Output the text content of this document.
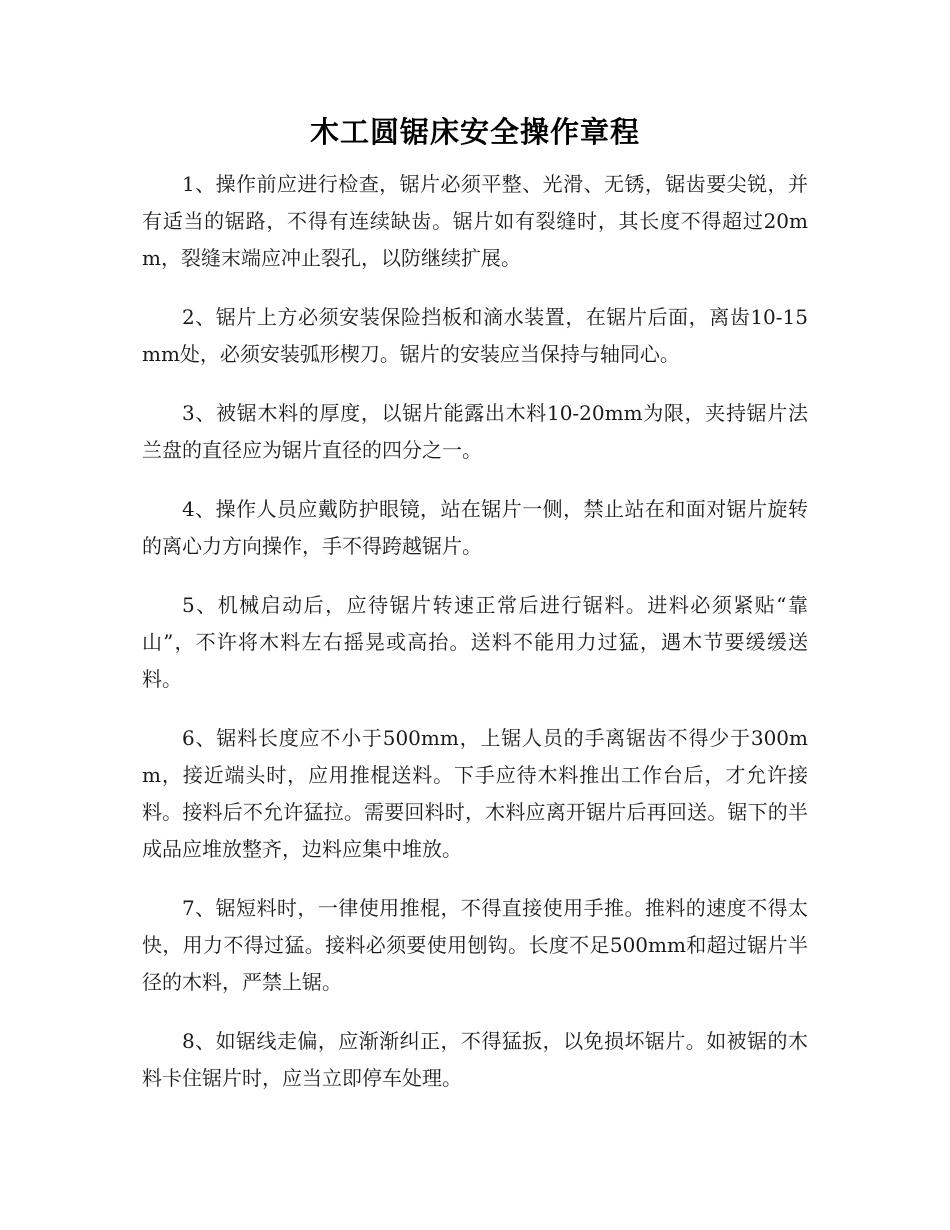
木工圆锯床安全操作章程

1、操作前应进行检查，锯片必须平整、光滑、无锈，锯齿要尖锐，并有适当的锯路，不得有连续缺齿。锯片如有裂缝时，其长度不得超过20mm，裂缝末端应冲止裂孔，以防继续扩展。

2、锯片上方必须安装保险挡板和滴水装置，在锯片后面，离齿10-15mm处，必须安装弧形楔刀。锯片的安装应当保持与轴同心。

3、被锯木料的厚度，以锯片能露出木料10-20mm为限，夹持锯片法兰盘的直径应为锯片直径的四分之一。

4、操作人员应戴防护眼镜，站在锯片一侧，禁止站在和面对锯片旋转的离心力方向操作，手不得跨越锯片。

5、机械启动后，应待锯片转速正常后进行锯料。进料必须紧贴“靠山”，不许将木料左右摇晃或高抬。送料不能用力过猛，遇木节要缓缓送料。

6、锯料长度应不小于500mm，上锯人员的手离锯齿不得少于300mm，接近端头时，应用推棍送料。下手应待木料推出工作台后，才允许接料。接料后不允许猛拉。需要回料时，木料应离开锯片后再回送。锯下的半成品应堆放整齐，边料应集中堆放。

7、锯短料时，一律使用推棍，不得直接使用手推。推料的速度不得太快，用力不得过猛。接料必须要使用刨钩。长度不足500mm和超过锯片半径的木料，严禁上锯。

8、如锯线走偏，应渐渐纠正，不得猛扳，以免损坏锯片。如被锯的木料卡住锯片时，应当立即停车处理。
